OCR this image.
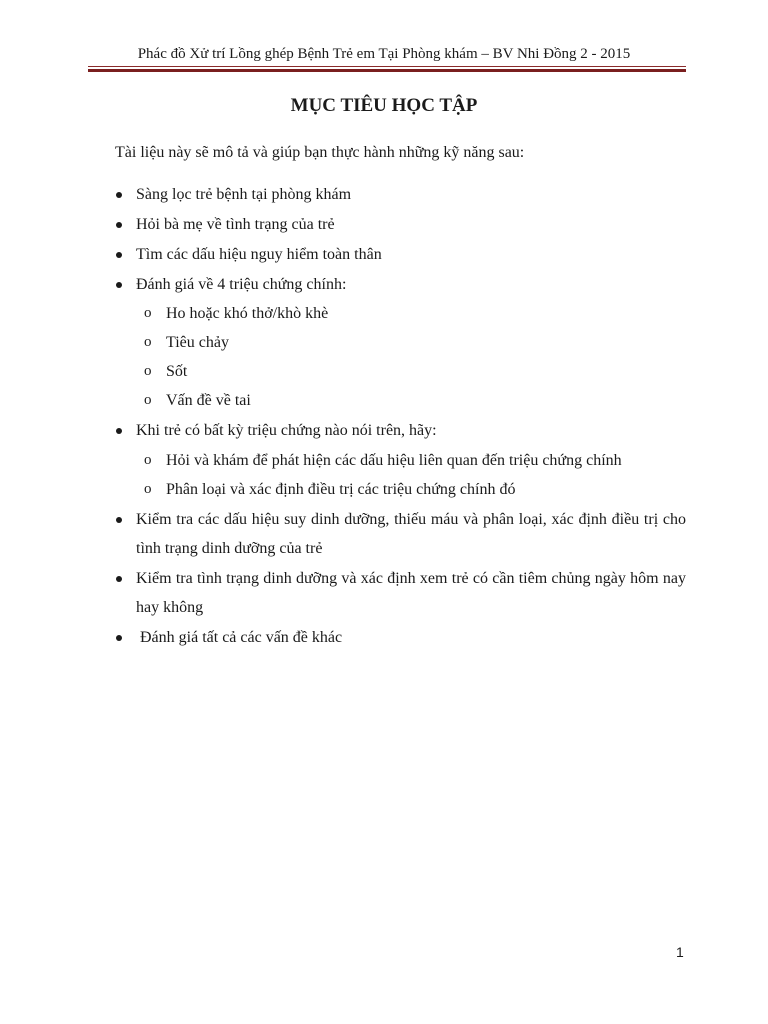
Phác đồ Xử trí Lồng ghép Bệnh Trẻ em Tại Phòng khám – BV Nhi Đồng 2 - 2015
MỤC TIÊU HỌC TẬP
Tài liệu này sẽ mô tả và giúp bạn thực hành những kỹ năng sau:
Sàng lọc trẻ bệnh tại phòng khám
Hỏi bà mẹ về tình trạng của trẻ
Tìm các dấu hiệu nguy hiểm toàn thân
Đánh giá về 4 triệu chứng chính:
o Ho hoặc khó thở/khò khè
o Tiêu chảy
o Sốt
o Vấn đề về tai
Khi trẻ có bất kỳ triệu chứng nào nói trên, hãy:
o Hỏi và khám để phát hiện các dấu hiệu liên quan đến triệu chứng chính
o Phân loại và xác định điều trị các triệu chứng chính đó
Kiểm tra các dấu hiệu suy dinh dưỡng, thiếu máu và phân loại, xác định điều trị cho tình trạng dinh dưỡng của trẻ
Kiểm tra tình trạng dinh dưỡng và xác định xem trẻ có cần tiêm chủng ngày hôm nay hay không
Đánh giá tất cả các vấn đề khác
1
